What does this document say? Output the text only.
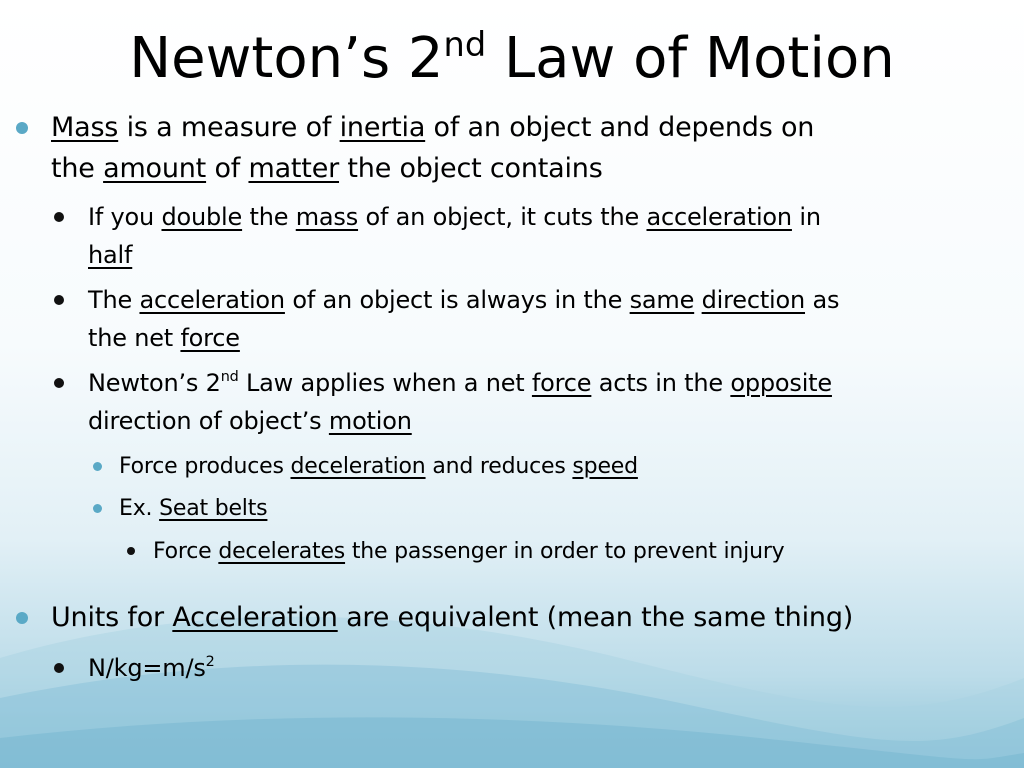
Newton’s 2nd Law of Motion
Mass is a measure of inertia of an object and depends on
the amount of matter the object contains
If you double the mass of an object, it cuts the acceleration in
half
The acceleration of an object is always in the same direction as
the net force
Newton’s 2nd Law applies when a net force acts in the opposite
direction of object’s motion
Force produces deceleration and reduces speed
Ex. Seat belts
Force decelerates the passenger in order to prevent injury
Units for Acceleration are equivalent (mean the same thing)
$N/kg=m/s^2$
